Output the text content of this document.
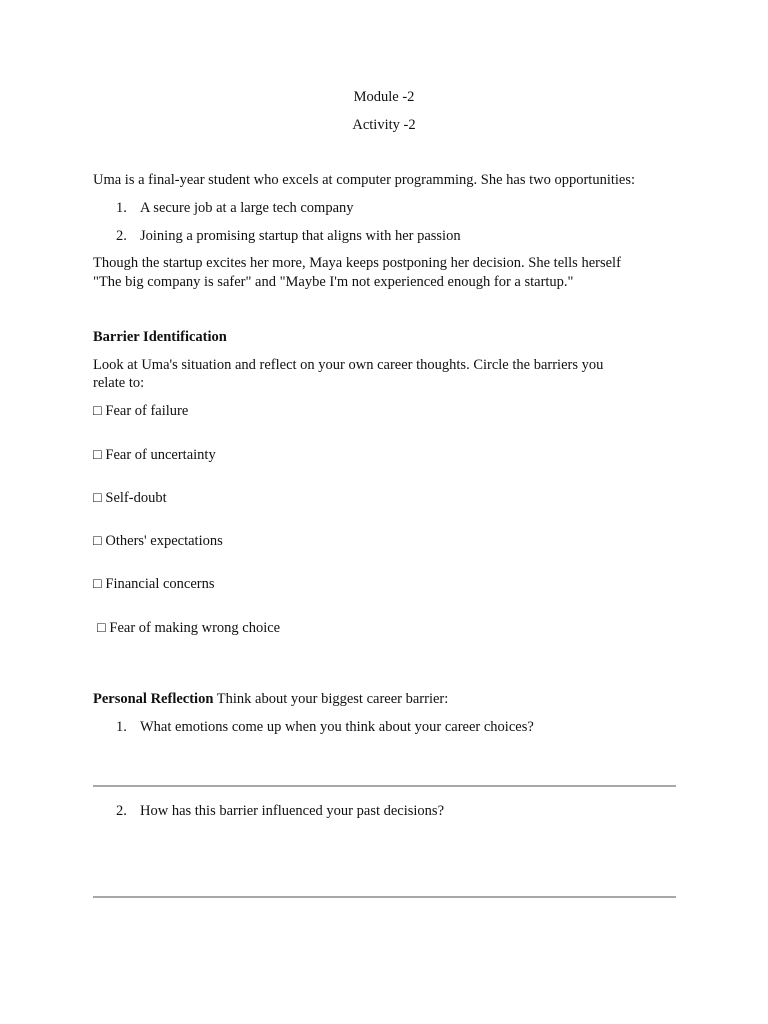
Module -2
Activity -2
Uma is a final-year student who excels at computer programming. She has two opportunities:
1. A secure job at a large tech company
2. Joining a promising startup that aligns with her passion
Though the startup excites her more, Maya keeps postponing her decision. She tells herself
"The big company is safer" and "Maybe I'm not experienced enough for a startup."
Barrier Identification
Look at Uma's situation and reflect on your own career thoughts. Circle the barriers you
relate to:
□ Fear of failure
□ Fear of uncertainty
□ Self-doubt
□ Others' expectations
□ Financial concerns
□ Fear of making wrong choice
Personal Reflection Think about your biggest career barrier:
1. What emotions come up when you think about your career choices?
2. How has this barrier influenced your past decisions?
